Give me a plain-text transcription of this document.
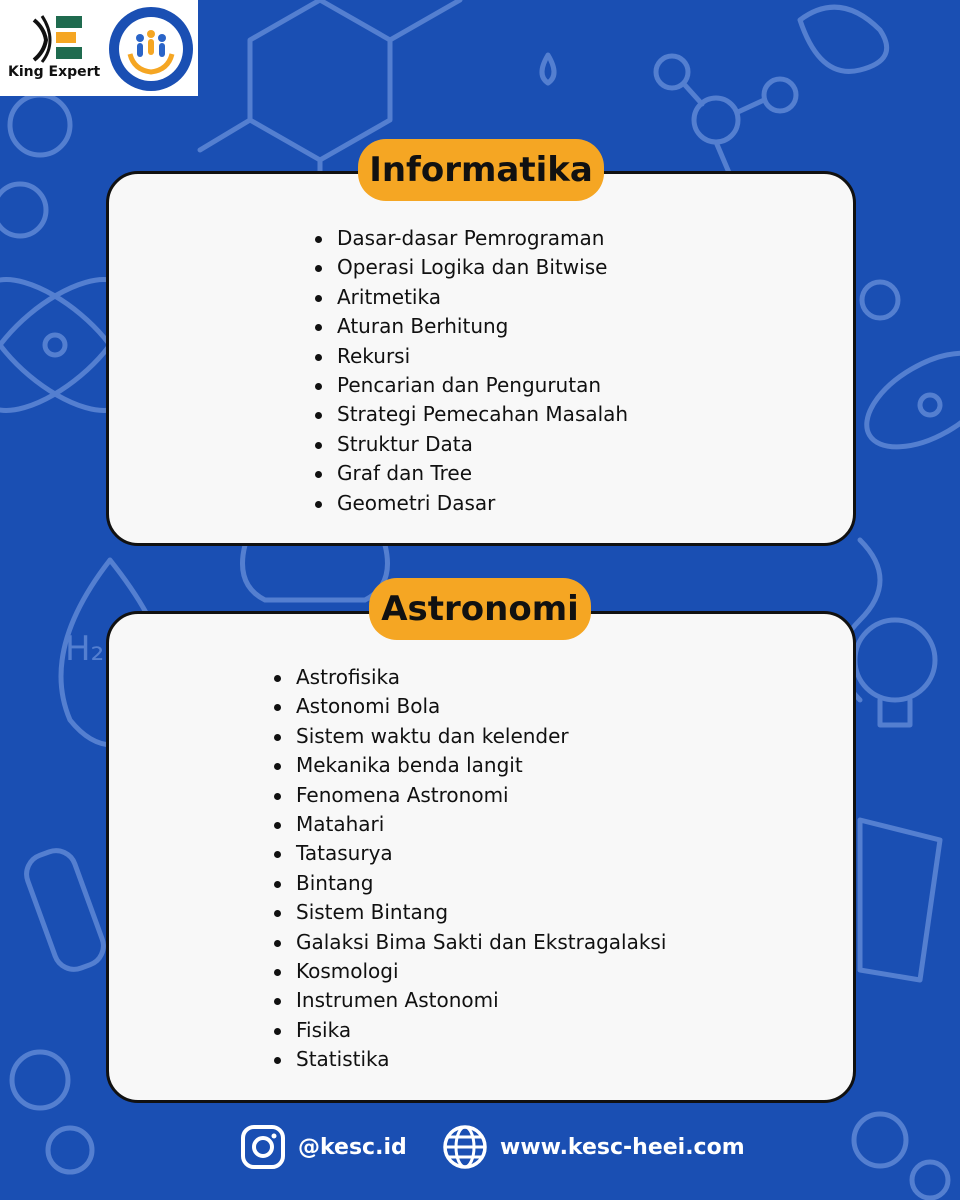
H₂
King Expert
Informatika
Dasar-dasar Pemrograman
Operasi Logika dan Bitwise
Aritmetika
Aturan Berhitung
Rekursi
Pencarian dan Pengurutan
Strategi Pemecahan Masalah
Struktur Data
Graf dan Tree
Geometri Dasar
Astronomi
Astrofisika
Astonomi Bola
Sistem waktu dan kelender
Mekanika benda langit
Fenomena Astronomi
Matahari
Tatasurya
Bintang
Sistem Bintang
Galaksi Bima Sakti dan Ekstragalaksi
Kosmologi
Instrumen Astonomi
Fisika
Statistika
@kesc.id	www.kesc-heei.com
